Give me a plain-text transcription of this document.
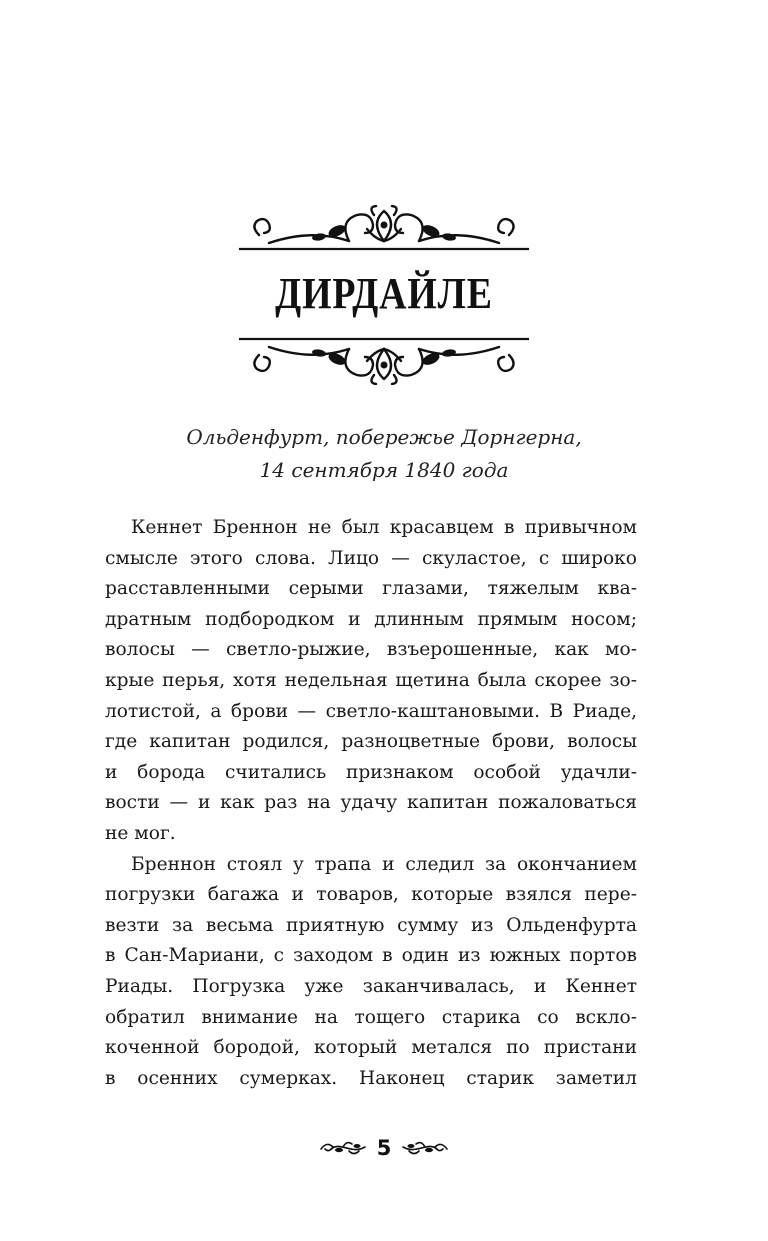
ДИРДАЙЛЕ
Ольденфурт, побережье Дорнгерна,
14 сентября 1840 года
Кеннет Бреннон не был красавцем в привычном
смысле этого слова. Лицо — скуластое, с широко
расставленными серыми глазами, тяжелым ква-
дратным подбородком и длинным прямым носом;
волосы — светло-рыжие, взъерошенные, как мо-
крые перья, хотя недельная щетина была скорее зо-
лотистой, а брови — светло-каштановыми. В Риаде,
где капитан родился, разноцветные брови, волосы
и борода считались признаком особой удачли-
вости — и как раз на удачу капитан пожаловаться
не мог.
Бреннон стоял у трапа и следил за окончанием
погрузки багажа и товаров, которые взялся пере-
везти за весьма приятную сумму из Ольденфурта
в Сан-Мариани, с заходом в один из южных портов
Риады. Погрузка уже заканчивалась, и Кеннет
обратил внимание на тощего старика со вскло-
коченной бородой, который метался по пристани
в осенних сумерках. Наконец старик заметил
5
